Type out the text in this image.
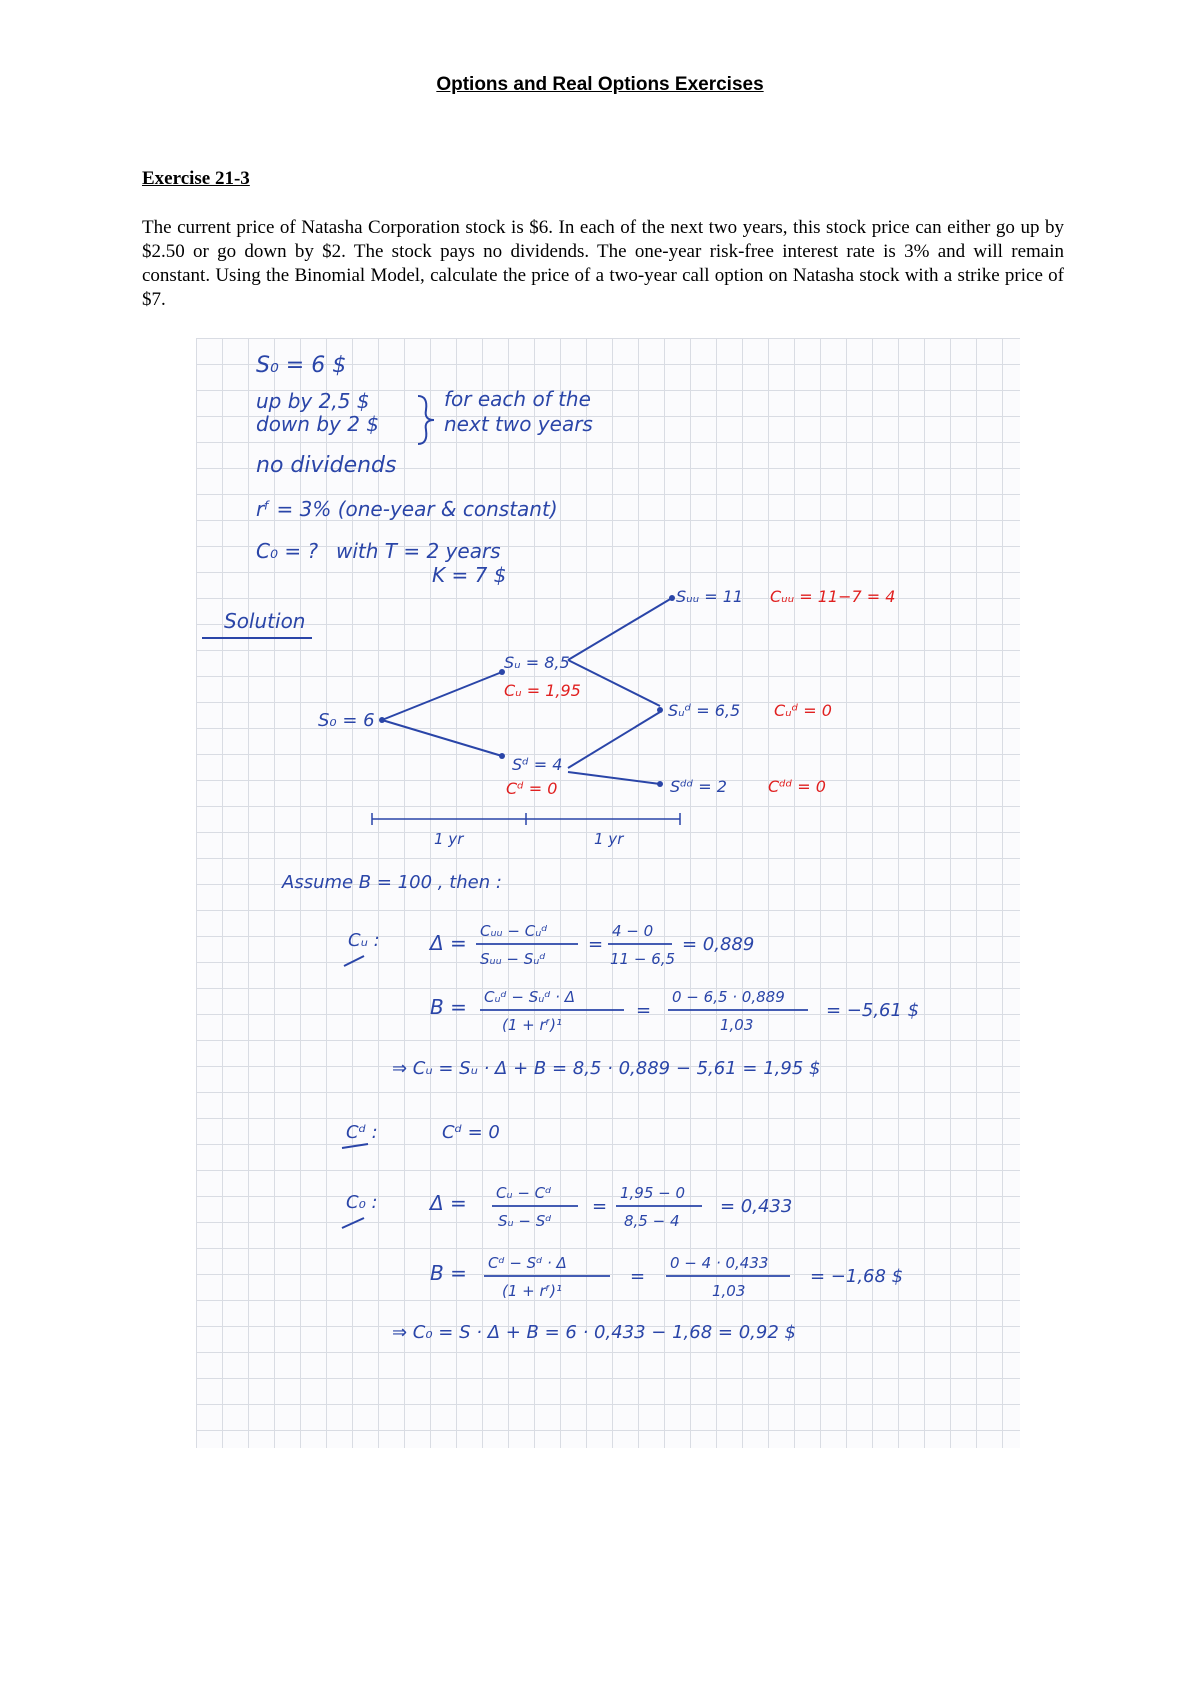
Options and Real Options Exercises
Exercise 21-3
The current price of Natasha Corporation stock is $6. In each of the next two years, this stock price can either go up by $2.50 or go down by $2. The stock pays no dividends. The one-year risk-free interest rate is 3% and will remain constant. Using the Binomial Model, calculate the price of a two-year call option on Natasha stock with a strike price of $7.
S₀ = 6 $
up by 2,5 $
down by 2 $
for each of the
next two years
no dividends
rᶠ = 3% (one-year & constant)
C₀ = ? with T = 2 years
K = 7 $
Solution
S₀ = 6
Sᵤ = 8,5
Cᵤ = 1,95
Sᵈ = 4
Cᵈ = 0
Sᵤᵤ = 11 Cᵤᵤ = 11−7 = 4
Sᵤᵈ = 6,5 Cᵤᵈ = 0
Sᵈᵈ = 2	Cᵈᵈ = 0
1 yr	1 yr
Assume B = 100 , then :
Cᵤ :	Δ = Cᵤᵤ − Cᵤᵈ
Sᵤᵤ − Sᵤᵈ
=
4 − 0
11 − 6,5
= 0,889
B = Cᵤᵈ − Sᵤᵈ · Δ
(1 + rᶠ)¹
=
0 − 6,5 · 0,889
1,03
= −5,61 $
⇒ Cᵤ = Sᵤ · Δ + B = 8,5 · 0,889 − 5,61 = 1,95 $
Cᵈ :	Cᵈ = 0
C₀ :	Δ = Cᵤ − Cᵈ
Sᵤ − Sᵈ
=
1,95 − 0
8,5 − 4
= 0,433
B = Cᵈ − Sᵈ · Δ
(1 + rᶠ)¹
=
0 − 4 · 0,433
1,03
= −1,68 $
⇒ C₀ = S · Δ + B = 6 · 0,433 − 1,68 = 0,92 $
